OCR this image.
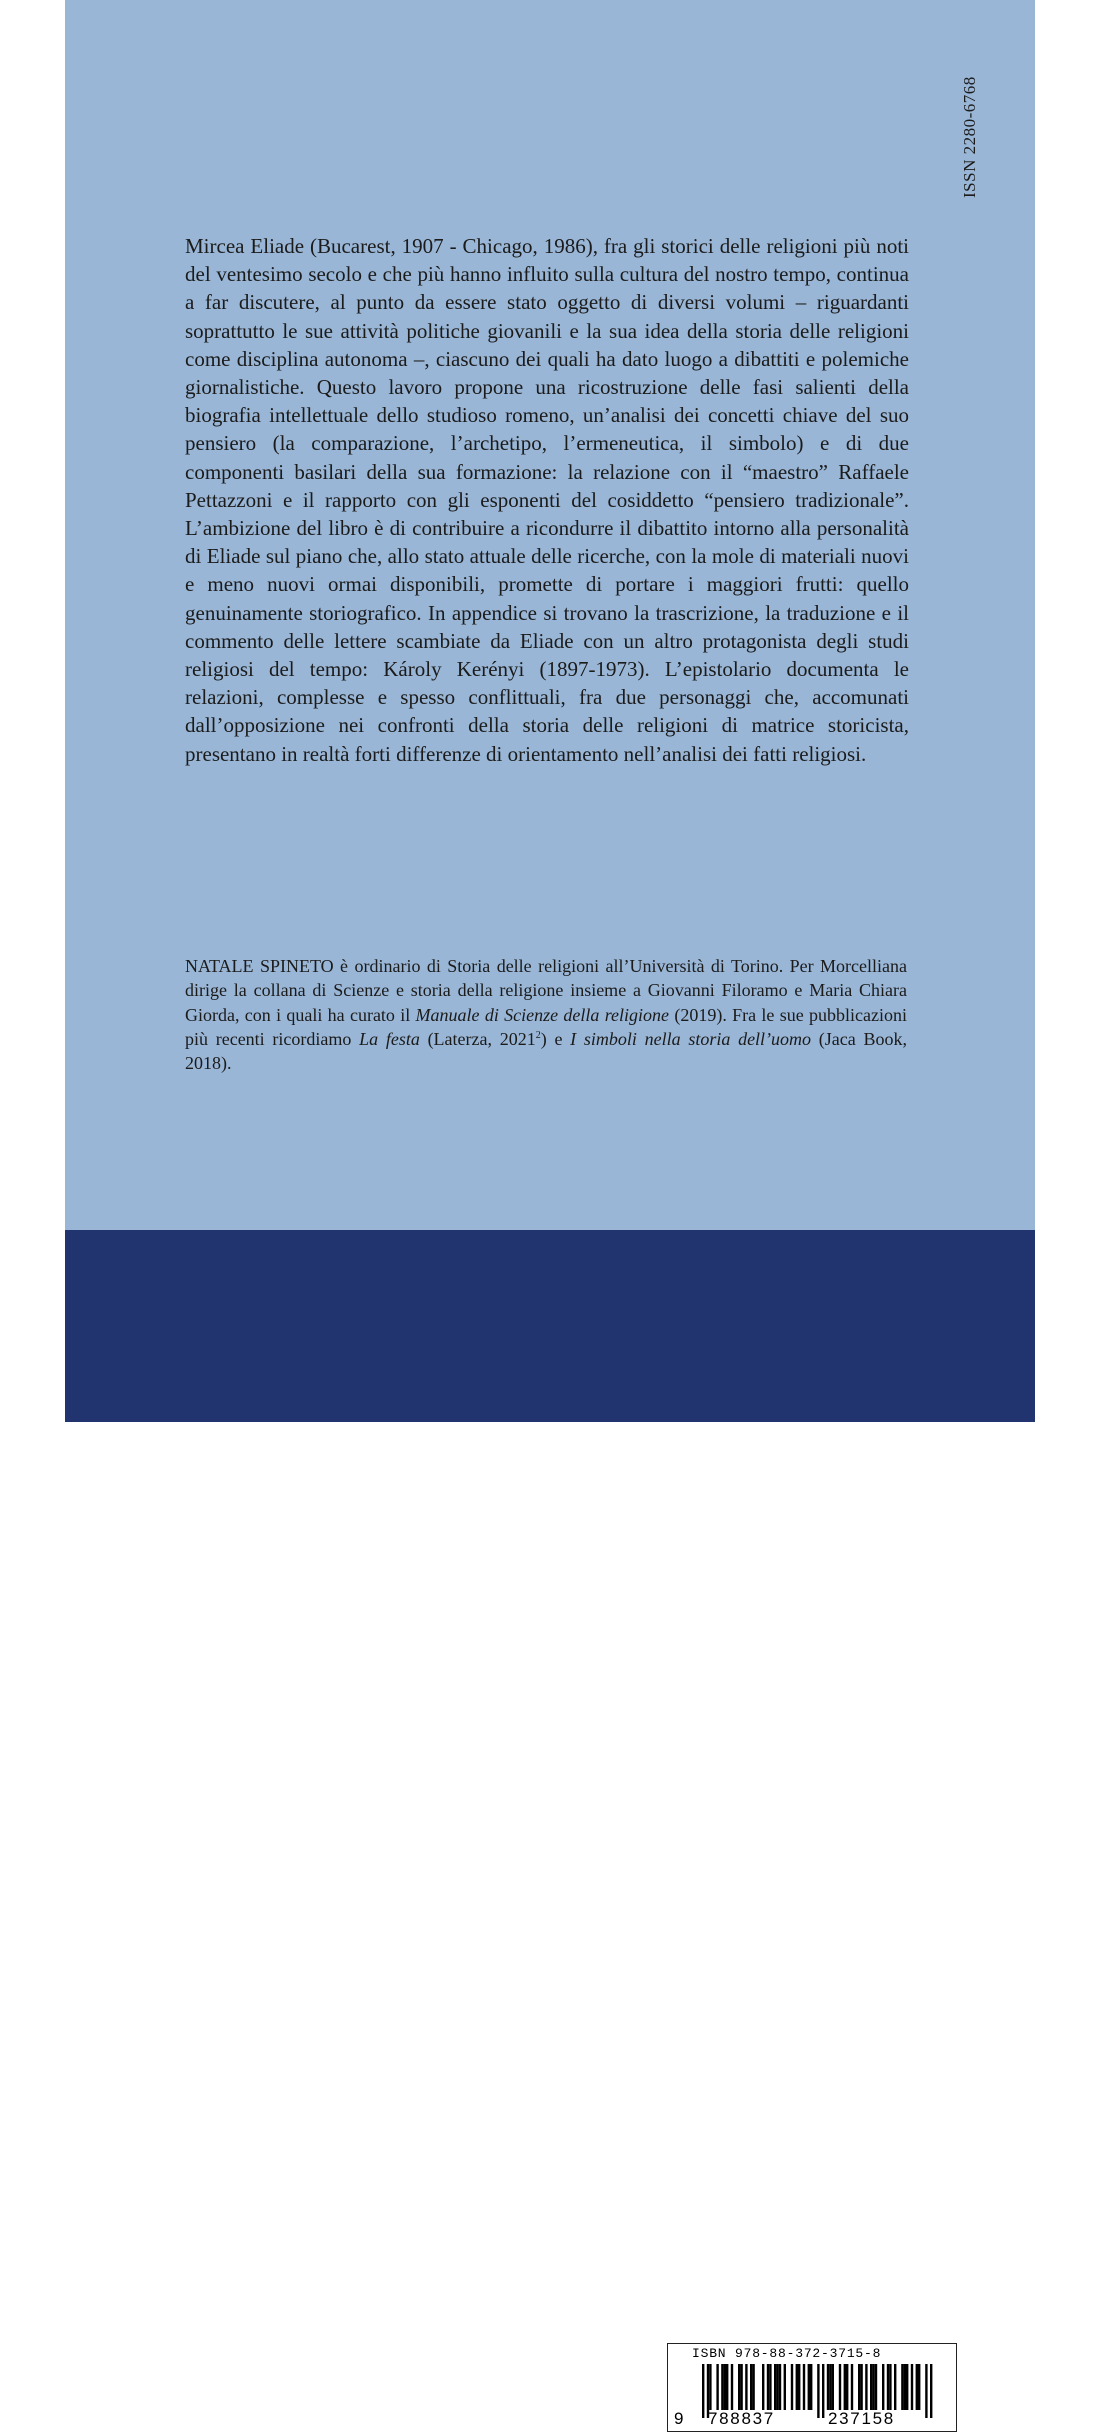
ISSN 2280-6768

Mircea Eliade (Bucarest, 1907 - Chicago, 1986), fra gli storici delle religioni più noti del ventesimo secolo e che più hanno influito sulla cultura del nostro tempo, continua a far discutere, al punto da essere stato oggetto di diversi volumi – riguardanti soprattutto le sue attività politiche giovanili e la sua idea della storia delle religioni come disciplina autonoma –, ciascuno dei quali ha dato luogo a dibattiti e polemiche giornalistiche. Questo lavoro propone una ricostruzione delle fasi salienti della biografia intellettuale dello studioso romeno, un’analisi dei concetti chiave del suo pensiero (la comparazione, l’archetipo, l’ermeneutica, il simbolo) e di due componenti basilari della sua formazione: la relazione con il “maestro” Raffaele Pettazzoni e il rapporto con gli esponenti del cosiddetto “pensiero tradizionale”. L’ambizione del libro è di contribuire a ricondurre il dibattito intorno alla personalità di Eliade sul piano che, allo stato attuale delle ricerche, con la mole di materiali nuovi e meno nuovi ormai disponibili, promette di portare i maggiori frutti: quello genuinamente storiografico. In appendice si trovano la trascrizione, la traduzione e il commento delle lettere scambiate da Eliade con un altro protagonista degli studi religiosi del tempo: Károly Kerényi (1897-1973). L’epistolario documenta le relazioni, complesse e spesso conflittuali, fra due personaggi che, accomunati dall’opposizione nei confronti della storia delle religioni di matrice storicista, presentano in realtà forti differenze di orientamento nell’analisi dei fatti religiosi.

NATALE SPINETO è ordinario di Storia delle religioni all’Università di Torino. Per Morcelliana dirige la collana di Scienze e storia della religione insieme a Giovanni Filoramo e Maria Chiara Giorda, con i quali ha curato il Manuale di Scienze della religione (2019). Fra le sue pubblicazioni più recenti ricordiamo La festa (Laterza, 2021$^2$) e I simboli nella storia dell’uomo (Jaca Book, 2018).

€ 25,00
ISBN 978-88-372-3715-8
9 788837	237158
